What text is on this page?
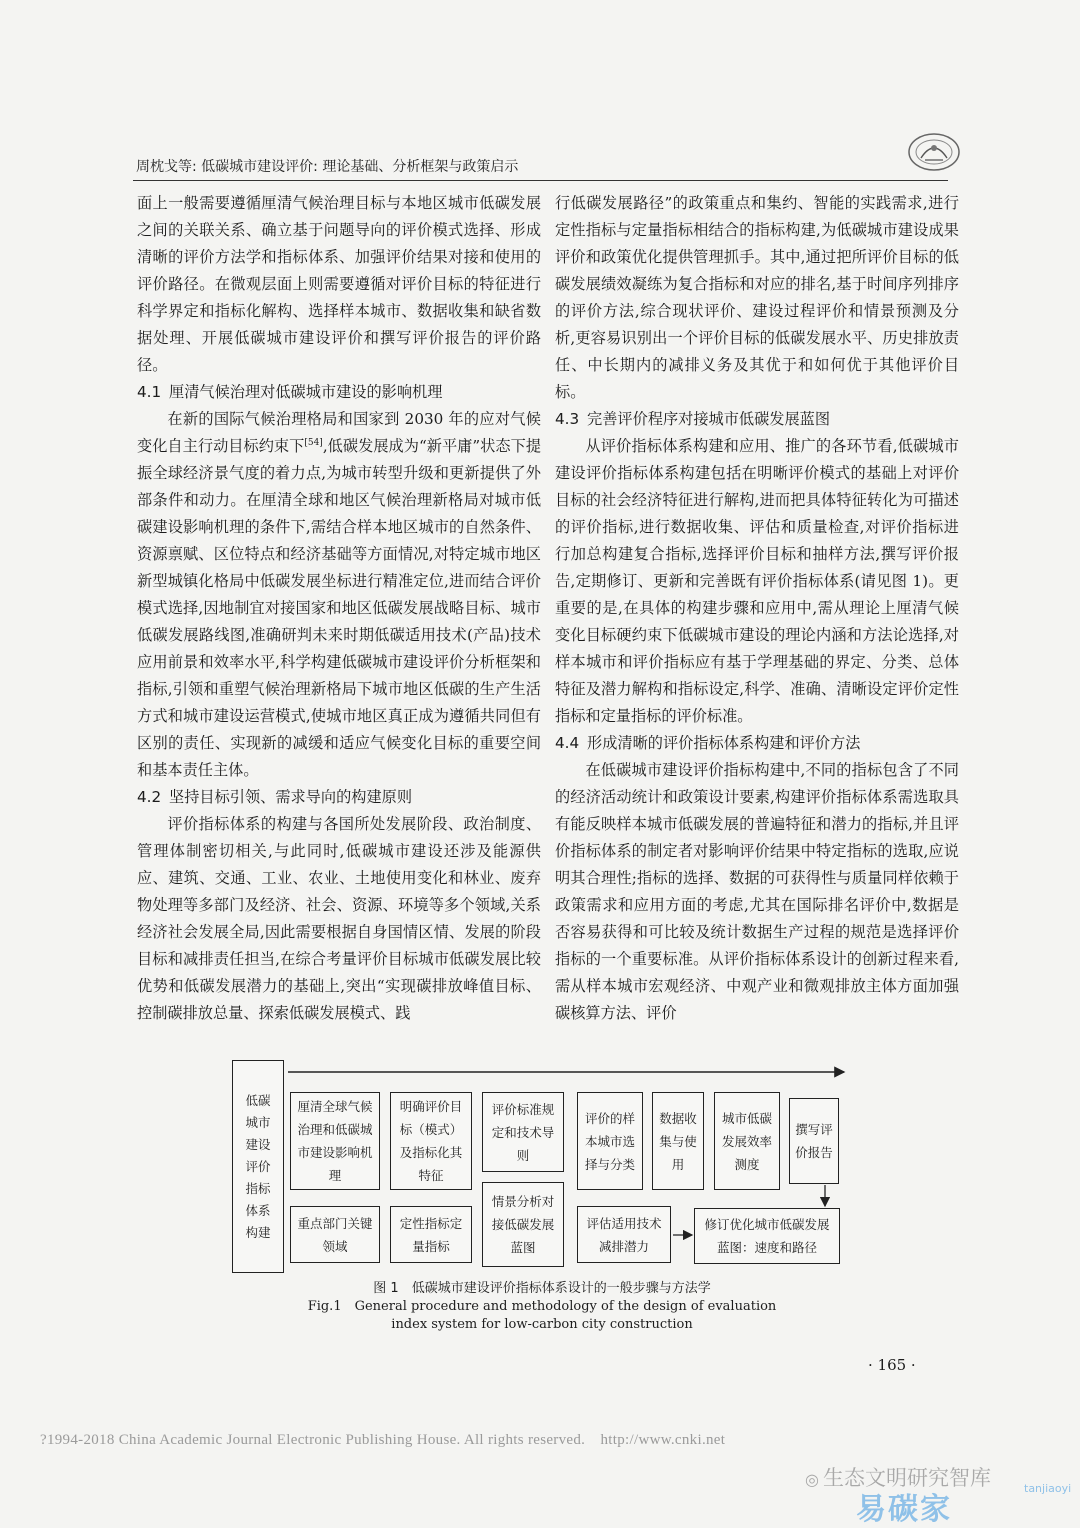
周枕戈等: 低碳城市建设评价: 理论基础、分析框架与政策启示

面上一般需要遵循厘清气候治理目标与本地区城市低碳发展之间的关联关系、确立基于问题导向的评价模式选择、形成清晰的评价方法学和指标体系、加强评价结果对接和使用的评价路径。在微观层面上则需要遵循对评价目标的特征进行科学界定和指标化解构、选择样本城市、数据收集和缺省数据处理、开展低碳城市建设评价和撰写评价报告的评价路径。

4.1 厘清气候治理对低碳城市建设的影响机理

在新的国际气候治理格局和国家到 2030 年的应对气候变化自主行动目标约束下[54],低碳发展成为“新平庸”状态下提振全球经济景气度的着力点,为城市转型升级和更新提供了外部条件和动力。在厘清全球和地区气候治理新格局对城市低碳建设影响机理的条件下,需结合样本地区城市的自然条件、资源禀赋、区位特点和经济基础等方面情况,对特定城市地区新型城镇化格局中低碳发展坐标进行精准定位,进而结合评价模式选择,因地制宜对接国家和地区低碳发展战略目标、城市低碳发展路线图,准确研判未来时期低碳适用技术(产品)技术应用前景和效率水平,科学构建低碳城市建设评价分析框架和指标,引领和重塑气候治理新格局下城市地区低碳的生产生活方式和城市建设运营模式,使城市地区真正成为遵循共同但有区别的责任、实现新的减缓和适应气候变化目标的重要空间和基本责任主体。

4.2 坚持目标引领、需求导向的构建原则

评价指标体系的构建与各国所处发展阶段、政治制度、管理体制密切相关,与此同时,低碳城市建设还涉及能源供应、建筑、交通、工业、农业、土地使用变化和林业、废弃物处理等多部门及经济、社会、资源、环境等多个领域,关系经济社会发展全局,因此需要根据自身国情区情、发展的阶段目标和减排责任担当,在综合考量评价目标城市低碳发展比较优势和低碳发展潜力的基础上,突出“实现碳排放峰值目标、控制碳排放总量、探索低碳发展模式、践

行低碳发展路径”的政策重点和集约、智能的实践需求,进行定性指标与定量指标相结合的指标构建,为低碳城市建设成果评价和政策优化提供管理抓手。其中,通过把所评价目标的低碳发展绩效凝练为复合指标和对应的排名,基于时间序列排序的评价方法,综合现状评价、建设过程评价和情景预测及分析,更容易识别出一个评价目标的低碳发展水平、历史排放责任、中长期内的减排义务及其优于和如何优于其他评价目标。

4.3 完善评价程序对接城市低碳发展蓝图

从评价指标体系构建和应用、推广的各环节看,低碳城市建设评价指标体系构建包括在明晰评价模式的基础上对评价目标的社会经济特征进行解构,进而把具体特征转化为可描述的评价指标,进行数据收集、评估和质量检查,对评价指标进行加总构建复合指标,选择评价目标和抽样方法,撰写评价报告,定期修订、更新和完善既有评价指标体系(请见图 1)。更重要的是,在具体的构建步骤和应用中,需从理论上厘清气候变化目标硬约束下低碳城市建设的理论内涵和方法论选择,对样本城市和评价指标应有基于学理基础的界定、分类、总体特征及潜力解构和指标设定,科学、准确、清晰设定评价定性指标和定量指标的评价标准。

4.4 形成清晰的评价指标体系构建和评价方法

在低碳城市建设评价指标构建中,不同的指标包含了不同的经济活动统计和政策设计要素,构建评价指标体系需选取具有能反映样本城市低碳发展的普遍特征和潜力的指标,并且评价指标体系的制定者对影响评价结果中特定指标的选取,应说明其合理性;指标的选择、数据的可获得性与质量同样依赖于政策需求和应用方面的考虑,尤其在国际排名评价中,数据是否容易获得和可比较及统计数据生产过程的规范是选择评价指标的一个重要标准。从评价指标体系设计的创新过程来看,需从样本城市宏观经济、中观产业和微观排放主体方面加强碳核算方法、评价

低碳城市建设评价指标体系构建
厘清全球气候治理和低碳城市建设影响机理
明确评价目标（模式）及指标化其特征
评价标准规定和技术导则
评价的样本城市选择与分类
数据收集与使用
城市低碳发展效率测度
撰写评价报告
重点部门关键领域
定性指标定量指标
情景分析对接低碳发展蓝图
评估适用技术减排潜力
修订优化城市低碳发展蓝图：速度和路径
图 1　低碳城市建设评价指标体系设计的一般步骤与方法学
Fig.1　General procedure and methodology of the design of evaluation
index system for low-carbon city construction
· 165 ·
?1994-2018 China Academic Journal Electronic Publishing House. All rights reserved.　http://www.cnki.net
◎ 生态文明研究智库
易碳家
tanjiaoyi
